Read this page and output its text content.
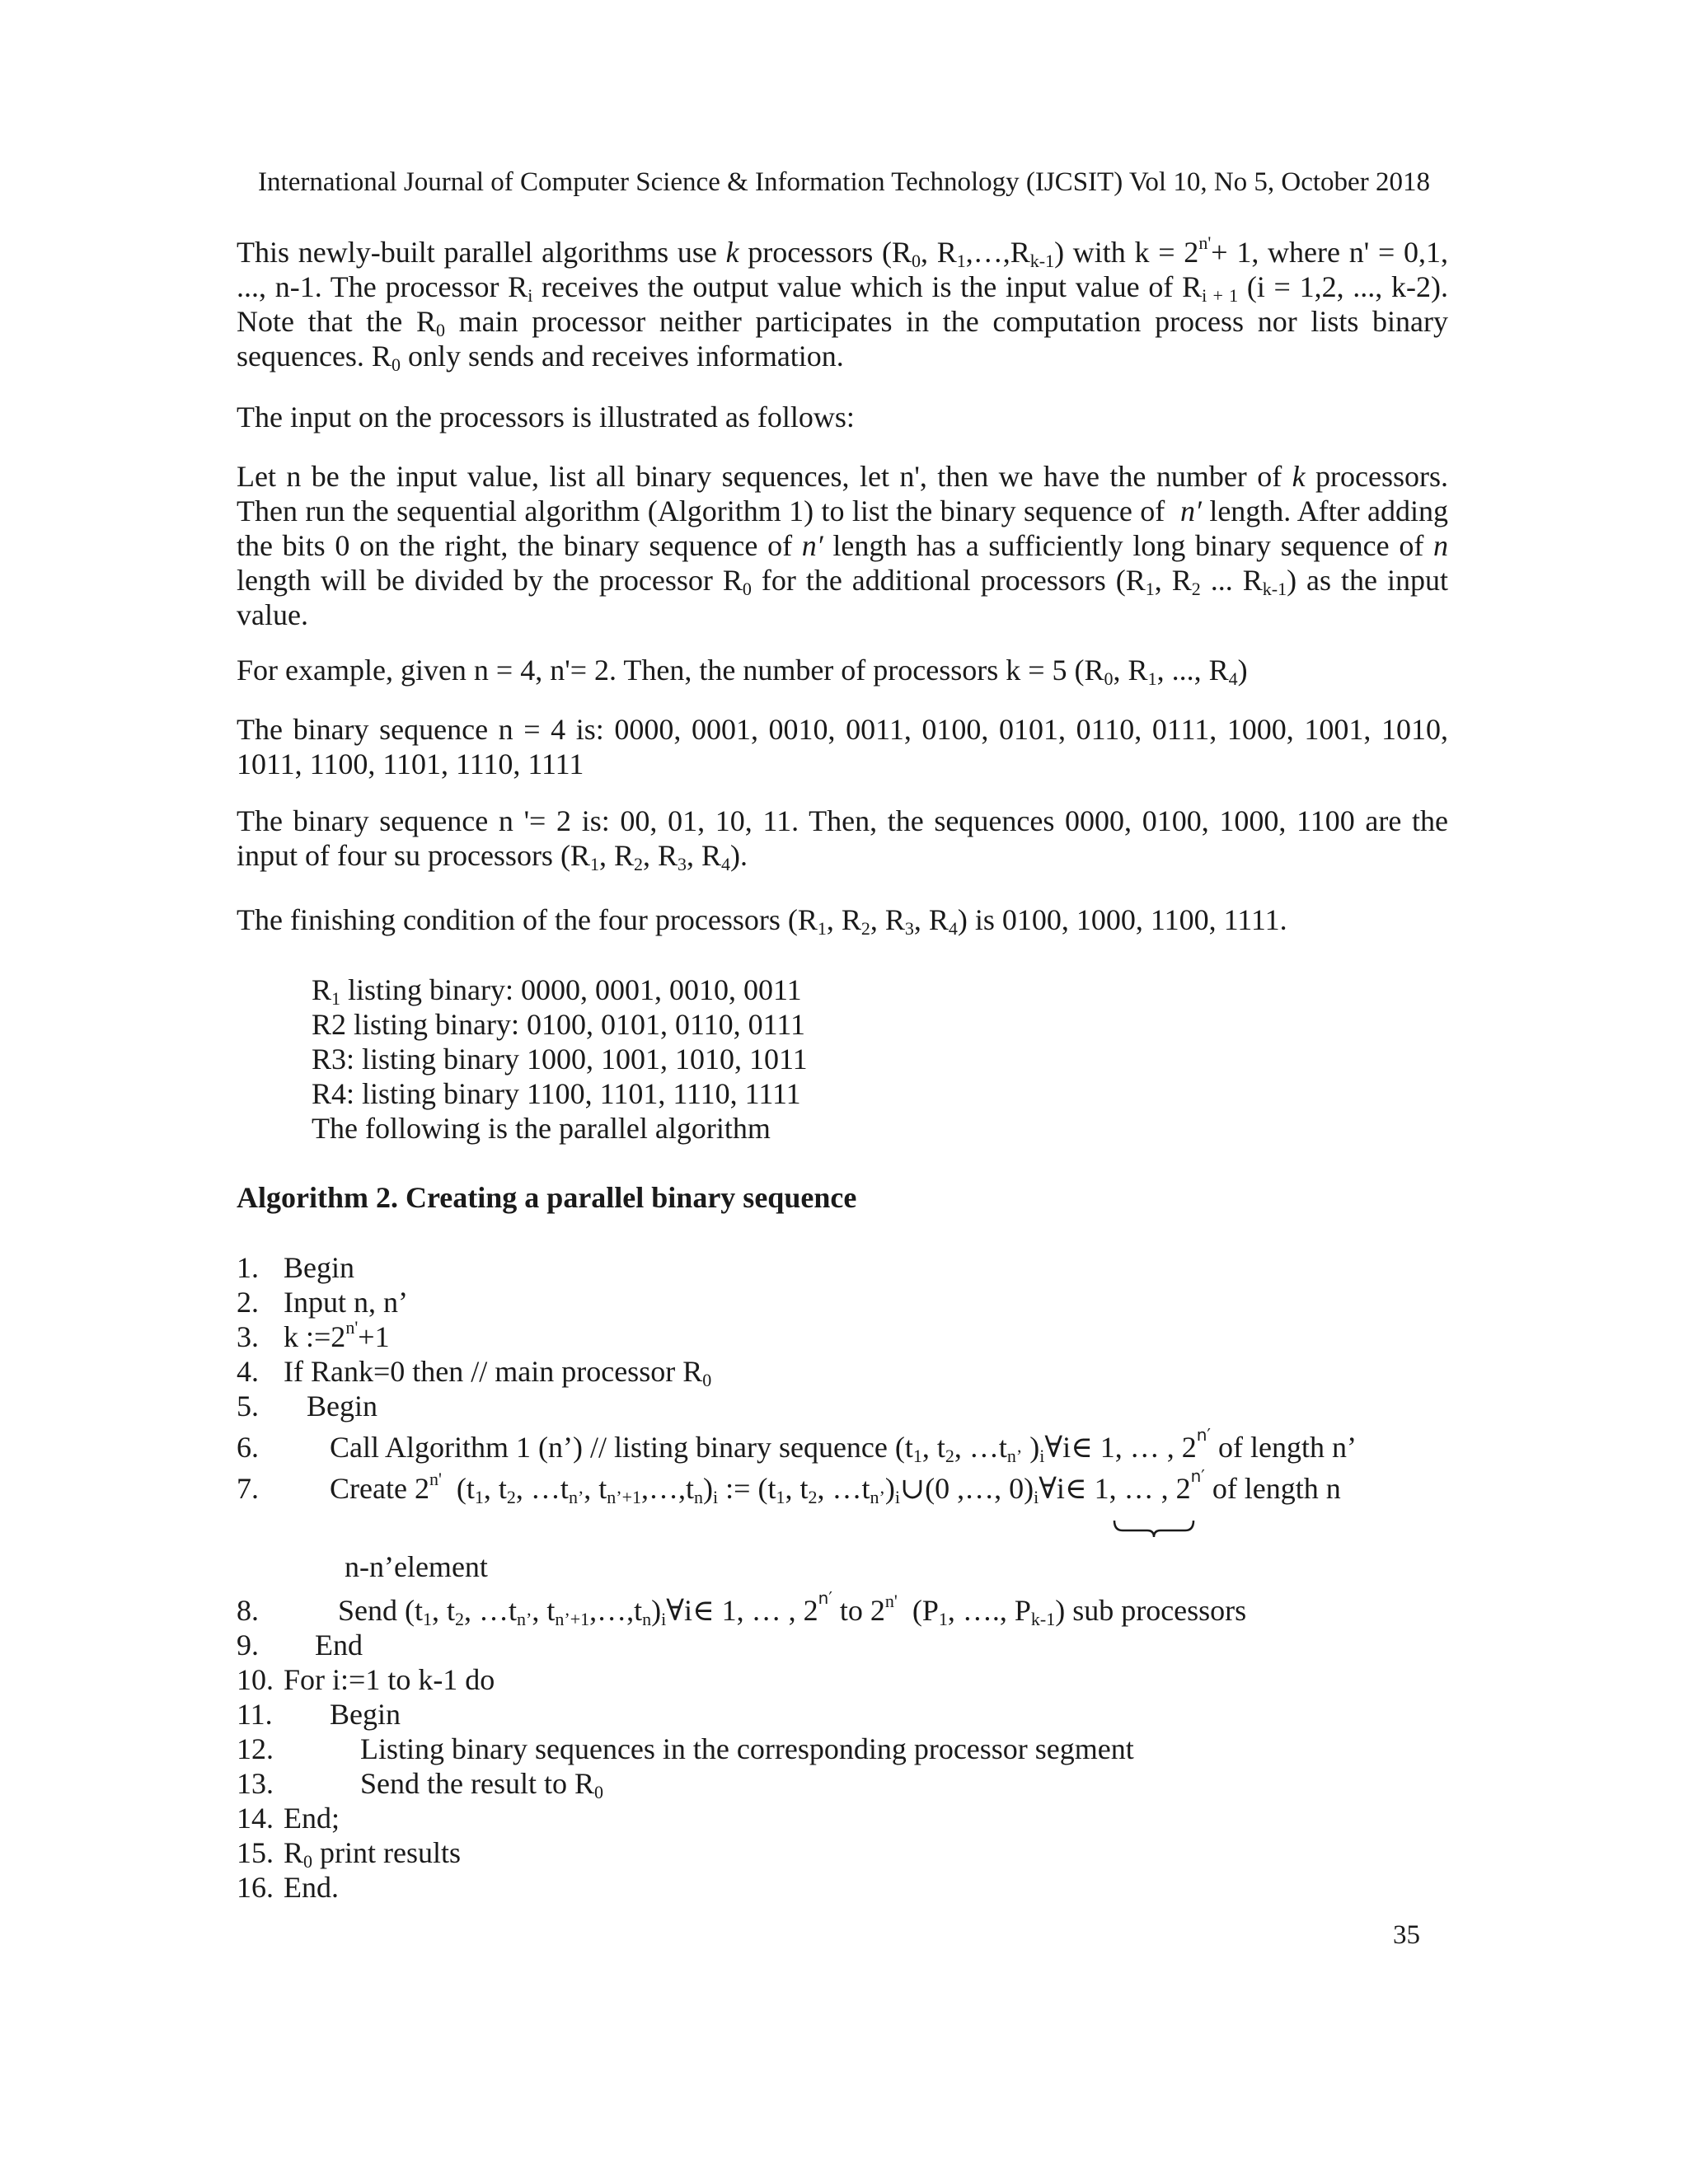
International Journal of Computer Science & Information Technology (IJCSIT) Vol 10, No 5, October 2018
This newly-built parallel algorithms use k processors ($R_0$, $R_1,\dots,R_{k-1}$) with $k = 2^{n'}+ 1$, where n' = 0,1, ..., n-1. The processor $R_i$ receives the output value which is the input value of $R_{i + 1}$ (i = 1,2, ..., k-2). Note that the $R_0$ main processor neither participates in the computation process nor lists binary sequences. $R_0$ only sends and receives information.
The input on the processors is illustrated as follows:
Let n be the input value, list all binary sequences, let n', then we have the number of k processors. Then run the sequential algorithm (Algorithm 1) to list the binary sequence of n′ length. After adding the bits 0 on the right, the binary sequence of n′ length has a sufficiently long binary sequence of n length will be divided by the processor $R_0$ for the additional processors ($R_1$, $R_2$ ... $R_{k-1}$) as the input value.
For example, given n = 4, n'= 2. Then, the number of processors k = 5 ($R_0$, $R_1$, ..., $R_4$)
The binary sequence n = 4 is: 0000, 0001, 0010, 0011, 0100, 0101, 0110, 0111, 1000, 1001, 1010, 1011, 1100, 1101, 1110, 1111
The binary sequence n '= 2 is: 00, 01, 10, 11. Then, the sequences 0000, 0100, 1000, 1100 are the input of four su processors ($R_1$, $R_2$, $R_3$, $R_4$).
The finishing condition of the four processors ($R_1$, $R_2$, $R_3$, $R_4$) is 0100, 1000, 1100, 1111.
$R_1$ listing binary: 0000, 0001, 0010, 0011
R2 listing binary: 0100, 0101, 0110, 0111
R3: listing binary 1000, 1001, 1010, 1011
R4: listing binary 1100, 1101, 1110, 1111
The following is the parallel algorithm
Algorithm 2. Creating a parallel binary sequence
1. Begin
2. Input n, n’
3. k $:=2^{n'}+1$
4. If Rank=0 then // main processor $R_0$
5. Begin
6. Call Algorithm 1 (n’) // listing binary sequence ($t_1$, $t_2$, $\dots t_{n’}$ )$_i\forall i\in$ 1, … , $2^{n'}$ of length n’
7. Create $2^{n'}$ ($t_1$, $t_2$, $\dots t_{n’}$, $t_{n’+1},\dots,t_n)_i$ := ($t_1$, $t_2$, $\dots t_{n’})_i\cup(0$ ,…, $0)_i\forall i\in$ 1, … , $2^{n'}$ of length n
n-n’element
8.	Send ($t_1$, $t_2$, $\dots t_{n’}$, $t_{n’+1},\dots,t_n)_i\forall i\in$ 1, … , $2^{n'}$ to $2^{n'}$ ($P_1$, …., $P_{k-1}$) sub processors
9. End
10. For i:=1 to k-1 do
11. Begin
12.	Listing binary sequences in the corresponding processor segment
13.	Send the result to $R_0$
14. End;
15. $R_0$ print results
16. End.
35
